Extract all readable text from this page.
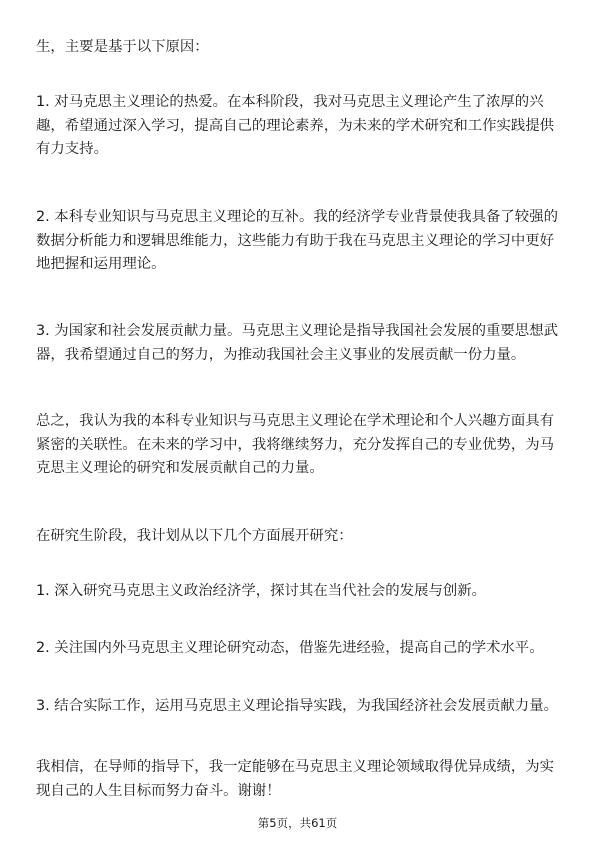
生，主要是基于以下原因：

1. 对马克思主义理论的热爱。在本科阶段，我对马克思主义理论产生了浓厚的兴
趣，希望通过深入学习，提高自己的理论素养，为未来的学术研究和工作实践提供
有力支持。

2. 本科专业知识与马克思主义理论的互补。我的经济学专业背景使我具备了较强的
数据分析能力和逻辑思维能力，这些能力有助于我在马克思主义理论的学习中更好
地把握和运用理论。

3. 为国家和社会发展贡献力量。马克思主义理论是指导我国社会发展的重要思想武
器，我希望通过自己的努力，为推动我国社会主义事业的发展贡献一份力量。

总之，我认为我的本科专业知识与马克思主义理论在学术理论和个人兴趣方面具有
紧密的关联性。在未来的学习中，我将继续努力，充分发挥自己的专业优势，为马
克思主义理论的研究和发展贡献自己的力量。

在研究生阶段，我计划从以下几个方面展开研究：

1. 深入研究马克思主义政治经济学，探讨其在当代社会的发展与创新。

2. 关注国内外马克思主义理论研究动态，借鉴先进经验，提高自己的学术水平。

3. 结合实际工作，运用马克思主义理论指导实践，为我国经济社会发展贡献力量。

我相信，在导师的指导下，我一定能够在马克思主义理论领域取得优异成绩，为实
现自己的人生目标而努力奋斗。谢谢！

第5页，共61页
